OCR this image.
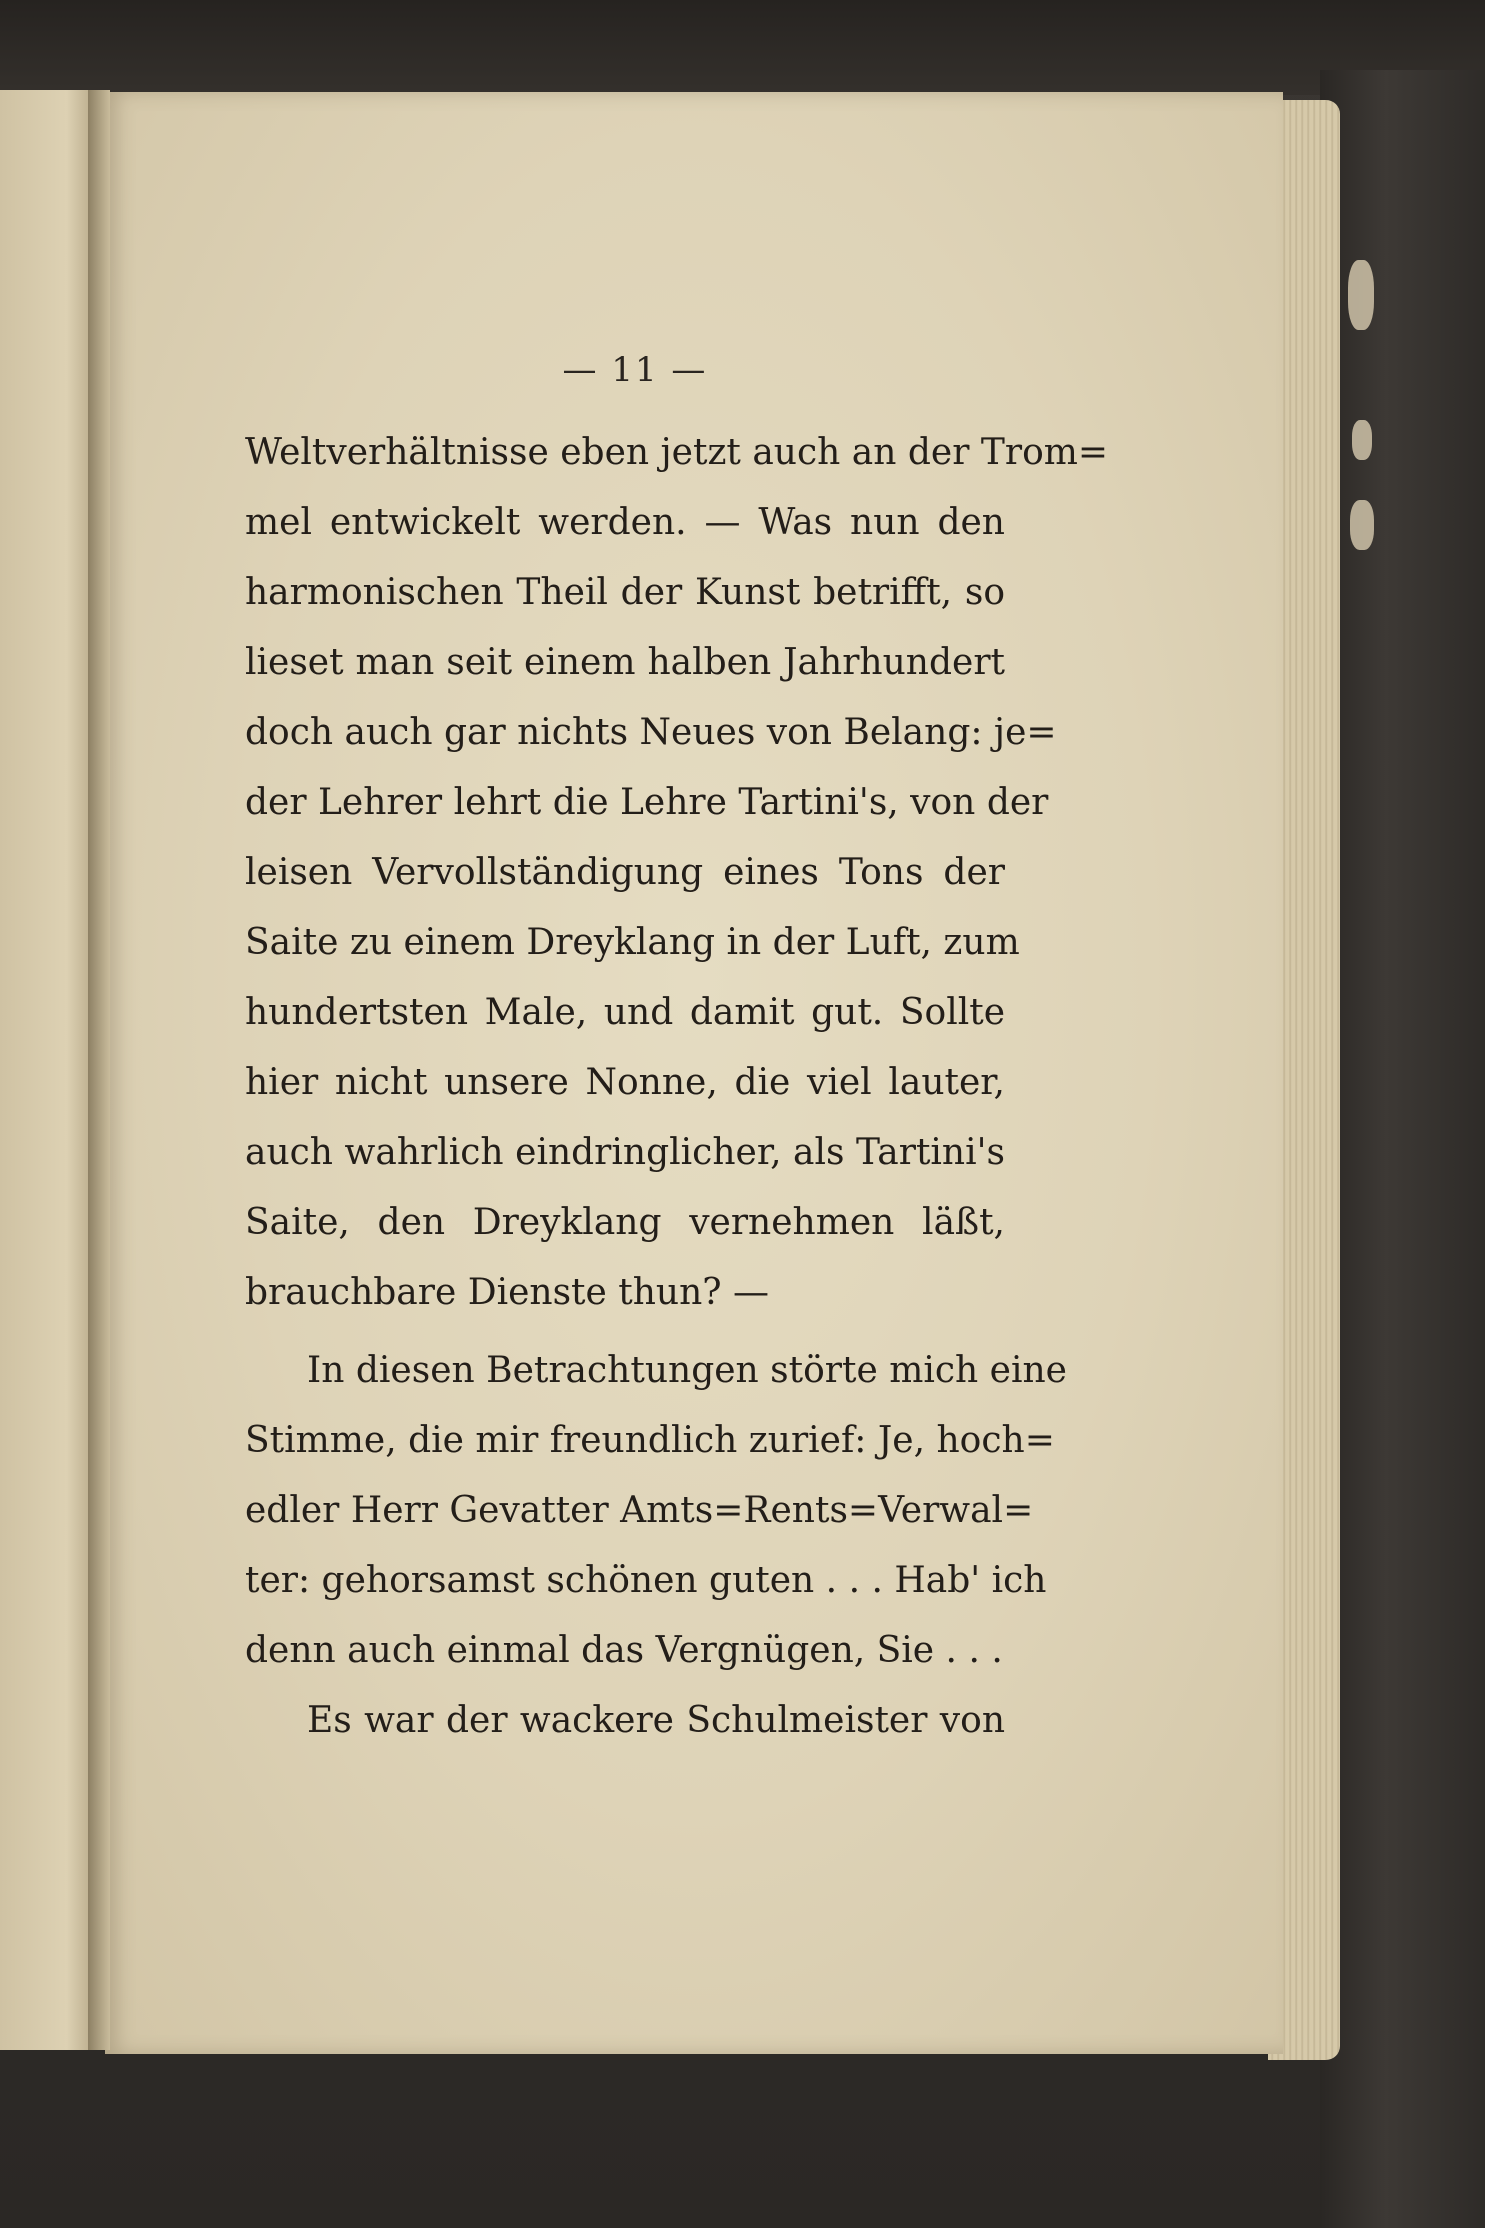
— 11 —
Weltverhältnisse eben jetzt auch an der Trom=
mel entwickelt werden. — Was nun den
harmonischen Theil der Kunst betrifft, so
lieset man seit einem halben Jahrhundert
doch auch gar nichts Neues von Belang: je=
der Lehrer lehrt die Lehre Tartini's, von der
leisen Vervollständigung eines Tons der
Saite zu einem Dreyklang in der Luft, zum
hundertsten Male, und damit gut. Sollte
hier nicht unsere Nonne, die viel lauter,
auch wahrlich eindringlicher, als Tartini's
Saite, den Dreyklang vernehmen läßt,
brauchbare Dienste thun? —
In diesen Betrachtungen störte mich eine
Stimme, die mir freundlich zurief: Je, hoch=
edler Herr Gevatter Amts=Rents=Verwal=
ter: gehorsamst schönen guten . . . Hab' ich
denn auch einmal das Vergnügen, Sie . . .
Es war der wackere Schulmeister von
